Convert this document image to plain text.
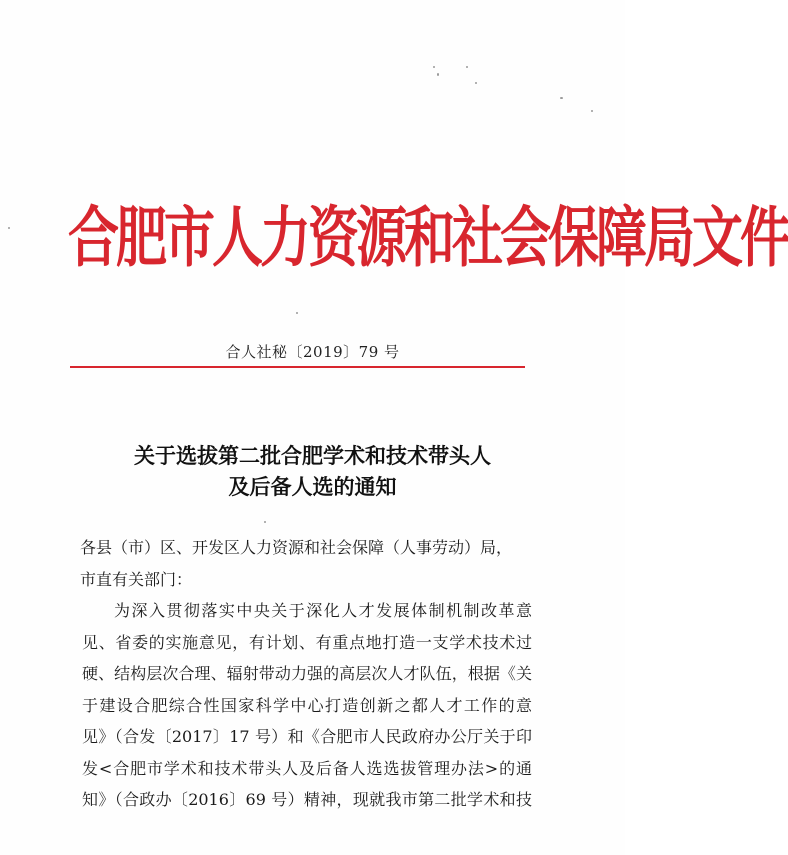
合肥市人力资源和社会保障局文件
合人社秘〔2019〕79 号
关于选拔第二批合肥学术和技术带头人
及后备人选的通知
各县（市）区、开发区人力资源和社会保障（人事劳动）局，
市直有关部门：
为深入贯彻落实中央关于深化人才发展体制机制改革意
见、省委的实施意见，有计划、有重点地打造一支学术技术过
硬、结构层次合理、辐射带动力强的高层次人才队伍，根据《关
于建设合肥综合性国家科学中心打造创新之都人才工作的意
见》（合发〔2017〕17 号）和《合肥市人民政府办公厅关于印
发<合肥市学术和技术带头人及后备人选选拔管理办法>的通
知》（合政办〔2016〕69 号）精神，现就我市第二批学术和技
